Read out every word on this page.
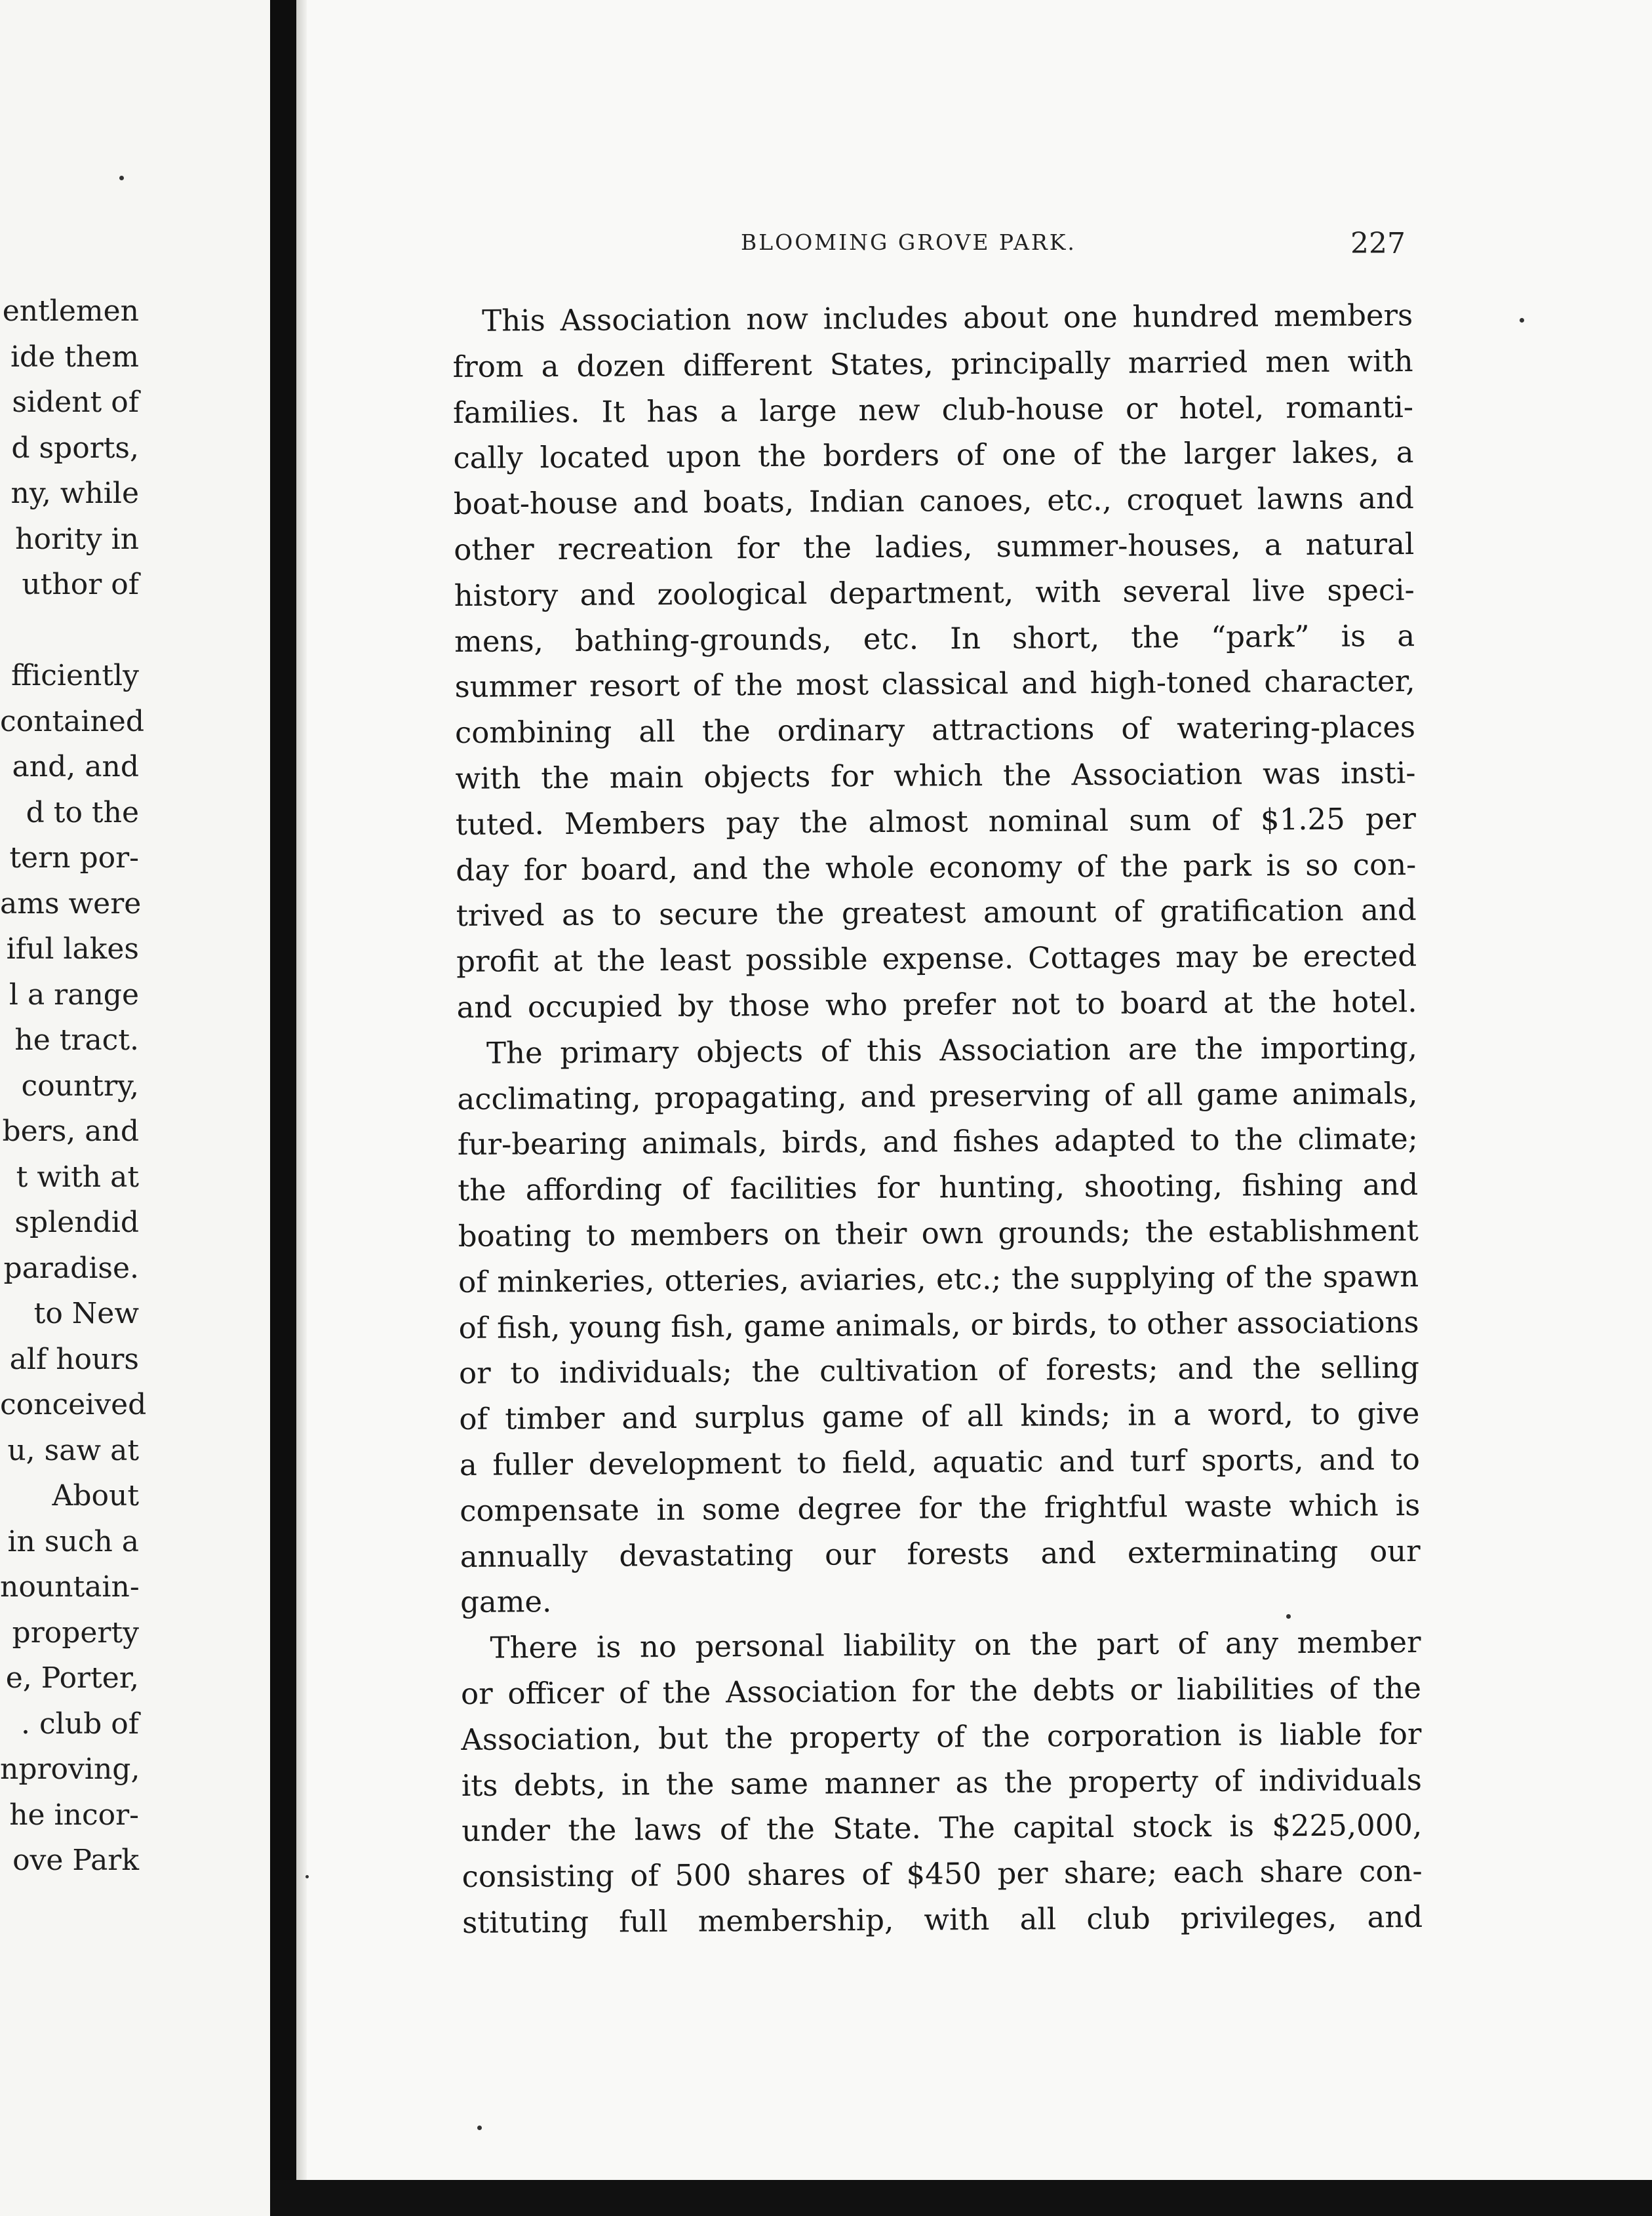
entlemen
ide them
sident of
d sports,
ny, while
hority in
uthor of
fficiently
contained
and, and
d to the
tern por-
ams were
iful lakes
l a range
he tract.
country,
bers, and
t with at
splendid
paradise.
to New
alf hours
conceived
u, saw at
About
in such a
nountain-
property
e, Porter,
. club of
nproving,
he incor-
ove Park
BLOOMING GROVE PARK.	227

This Association now includes about one hundred members

from a dozen different States, principally married men with

families. It has a large new club-house or hotel, romanti-

cally located upon the borders of one of the larger lakes, a

boat-house and boats, Indian canoes, etc., croquet lawns and

other recreation for the ladies, summer-houses, a natural

history and zoological department, with several live speci-

mens, bathing-grounds, etc. In short, the “park” is a

summer resort of the most classical and high-toned character,

combining all the ordinary attractions of watering-places

with the main objects for which the Association was insti-

tuted. Members pay the almost nominal sum of $1.25 per

day for board, and the whole economy of the park is so con-

trived as to secure the greatest amount of gratification and

profit at the least possible expense. Cottages may be erected

and occupied by those who prefer not to board at the hotel.

The primary objects of this Association are the importing,

acclimating, propagating, and preserving of all game animals,

fur-bearing animals, birds, and fishes adapted to the climate;

the affording of facilities for hunting, shooting, fishing and

boating to members on their own grounds; the establishment

of minkeries, otteries, aviaries, etc.; the supplying of the spawn

of fish, young fish, game animals, or birds, to other associations

or to individuals; the cultivation of forests; and the selling

of timber and surplus game of all kinds; in a word, to give

a fuller development to field, aquatic and turf sports, and to

compensate in some degree for the frightful waste which is

annually devastating our forests and exterminating our

game.

There is no personal liability on the part of any member

or officer of the Association for the debts or liabilities of the

Association, but the property of the corporation is liable for

its debts, in the same manner as the property of individuals

under the laws of the State. The capital stock is $225,000,

consisting of 500 shares of $450 per share; each share con-

stituting full membership, with all club privileges, and
